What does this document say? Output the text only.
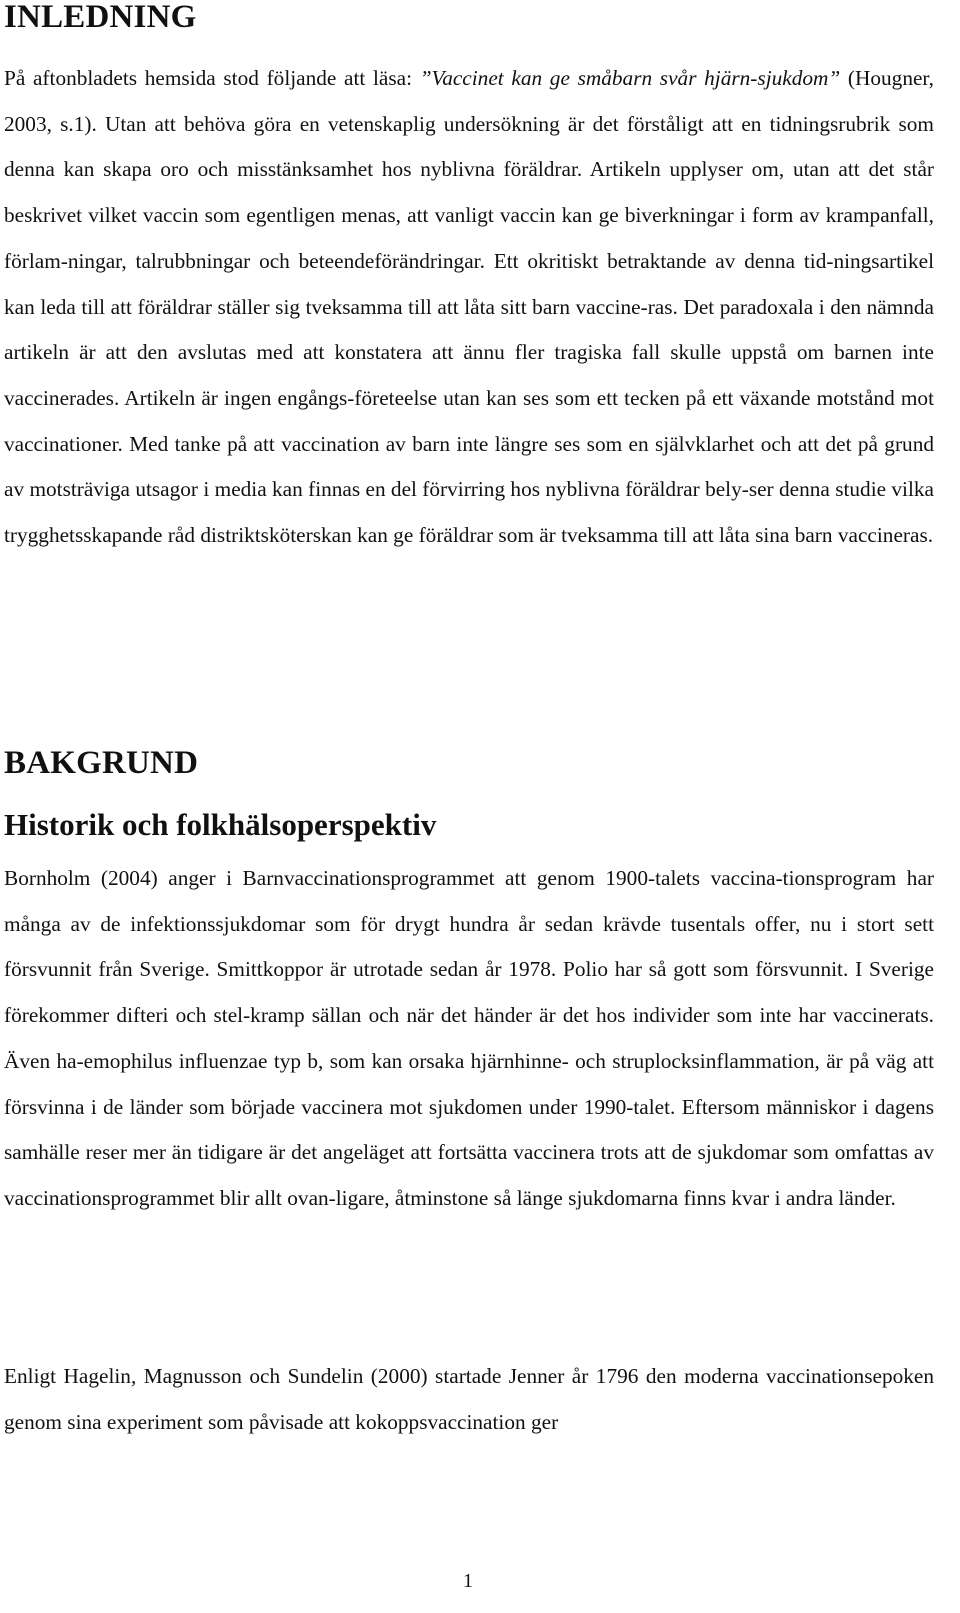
INLEDNING

På aftonbladets hemsida stod följande att läsa: ”Vaccinet kan ge småbarn svår hjärn-sjukdom” (Hougner, 2003, s.1). Utan att behöva göra en vetenskaplig undersökning är det förståligt att en tidningsrubrik som denna kan skapa oro och misstänksamhet hos nyblivna föräldrar. Artikeln upplyser om, utan att det står beskrivet vilket vaccin som egentligen menas, att vanligt vaccin kan ge biverkningar i form av krampanfall, förlam-ningar, talrubbningar och beteendeförändringar. Ett okritiskt betraktande av denna tid-ningsartikel kan leda till att föräldrar ställer sig tveksamma till att låta sitt barn vaccine-ras. Det paradoxala i den nämnda artikeln är att den avslutas med att konstatera att ännu fler tragiska fall skulle uppstå om barnen inte vaccinerades. Artikeln är ingen engångs-företeelse utan kan ses som ett tecken på ett växande motstånd mot vaccinationer. Med tanke på att vaccination av barn inte längre ses som en självklarhet och att det på grund av motsträviga utsagor i media kan finnas en del förvirring hos nyblivna föräldrar bely-ser denna studie vilka trygghetsskapande råd distriktsköterskan kan ge föräldrar som är tveksamma till att låta sina barn vaccineras.

BAKGRUND
Historik och folkhälsoperspektiv

Bornholm (2004) anger i Barnvaccinationsprogrammet att genom 1900-talets vaccina-tionsprogram har många av de infektionssjukdomar som för drygt hundra år sedan krävde tusentals offer, nu i stort sett försvunnit från Sverige. Smittkoppor är utrotade sedan år 1978. Polio har så gott som försvunnit. I Sverige förekommer difteri och stel-kramp sällan och när det händer är det hos individer som inte har vaccinerats. Även ha-emophilus influenzae typ b, som kan orsaka hjärnhinne- och struplocksinflammation, är på väg att försvinna i de länder som började vaccinera mot sjukdomen under 1990-talet. Eftersom människor i dagens samhälle reser mer än tidigare är det angeläget att fortsätta vaccinera trots att de sjukdomar som omfattas av vaccinationsprogrammet blir allt ovan-ligare, åtminstone så länge sjukdomarna finns kvar i andra länder.

Enligt Hagelin, Magnusson och Sundelin (2000) startade Jenner år 1796 den moderna vaccinationsepoken genom sina experiment som påvisade att kokoppsvaccination ger

1
